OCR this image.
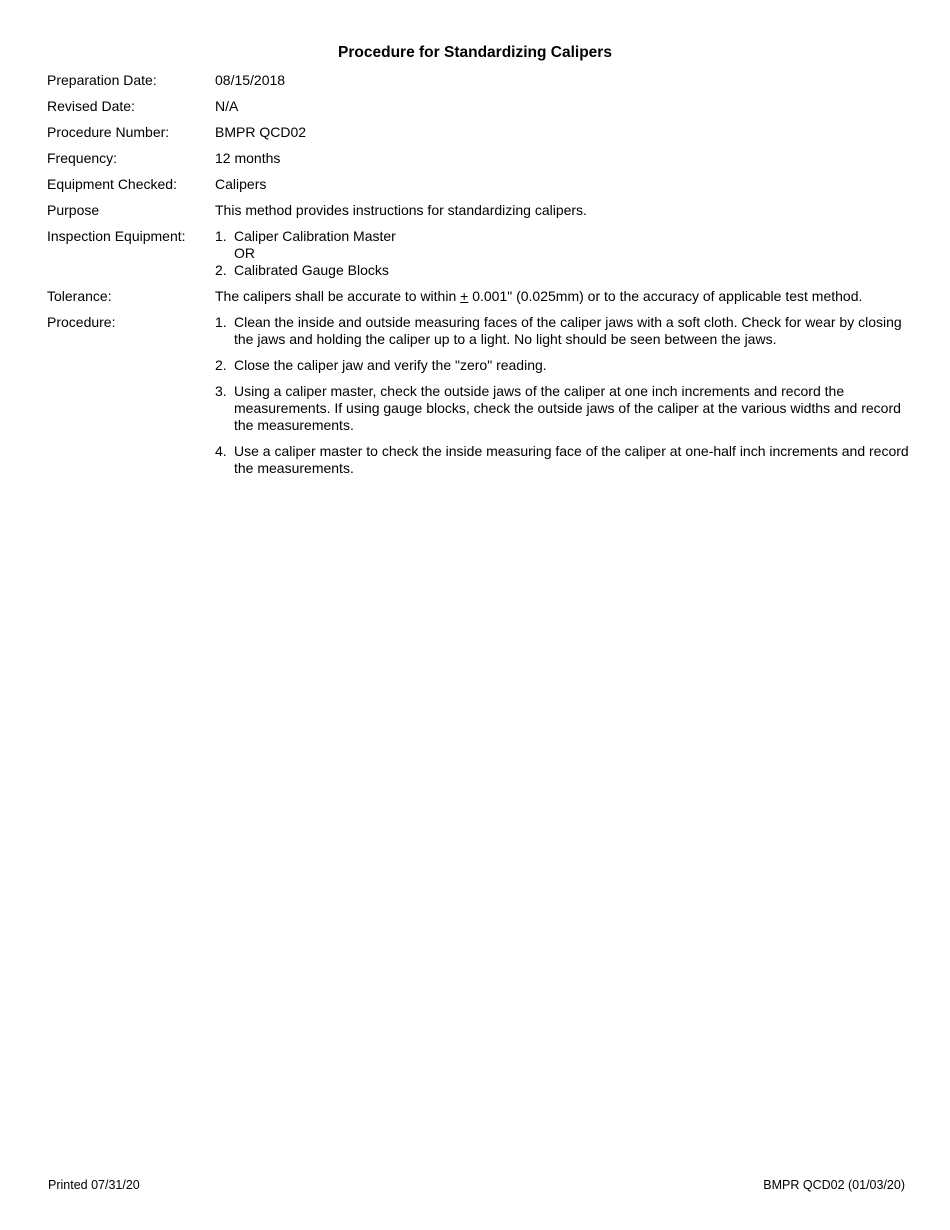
Procedure for Standardizing Calipers
Preparation Date:	08/15/2018
Revised Date:	N/A
Procedure Number:	BMPR QCD02
Frequency:	12 months
Equipment Checked:	Calipers
Purpose	This method provides instructions for standardizing calipers.
Inspection Equipment:	1. Caliper Calibration Master
OR
2. Calibrated Gauge Blocks
Tolerance:	The calipers shall be accurate to within + 0.001" (0.025mm) or to the accuracy of applicable test method.
Procedure:	1. Clean the inside and outside measuring faces of the caliper jaws with a soft cloth. Check for wear by closing the jaws and holding the caliper up to a light. No light should be seen between the jaws.
2. Close the caliper jaw and verify the "zero" reading.
3. Using a caliper master, check the outside jaws of the caliper at one inch increments and record the measurements. If using gauge blocks, check the outside jaws of the caliper at the various widths and record the measurements.
4. Use a caliper master to check the inside measuring face of the caliper at one-half inch increments and record the measurements.
Printed 07/31/20	BMPR QCD02 (01/03/20)
